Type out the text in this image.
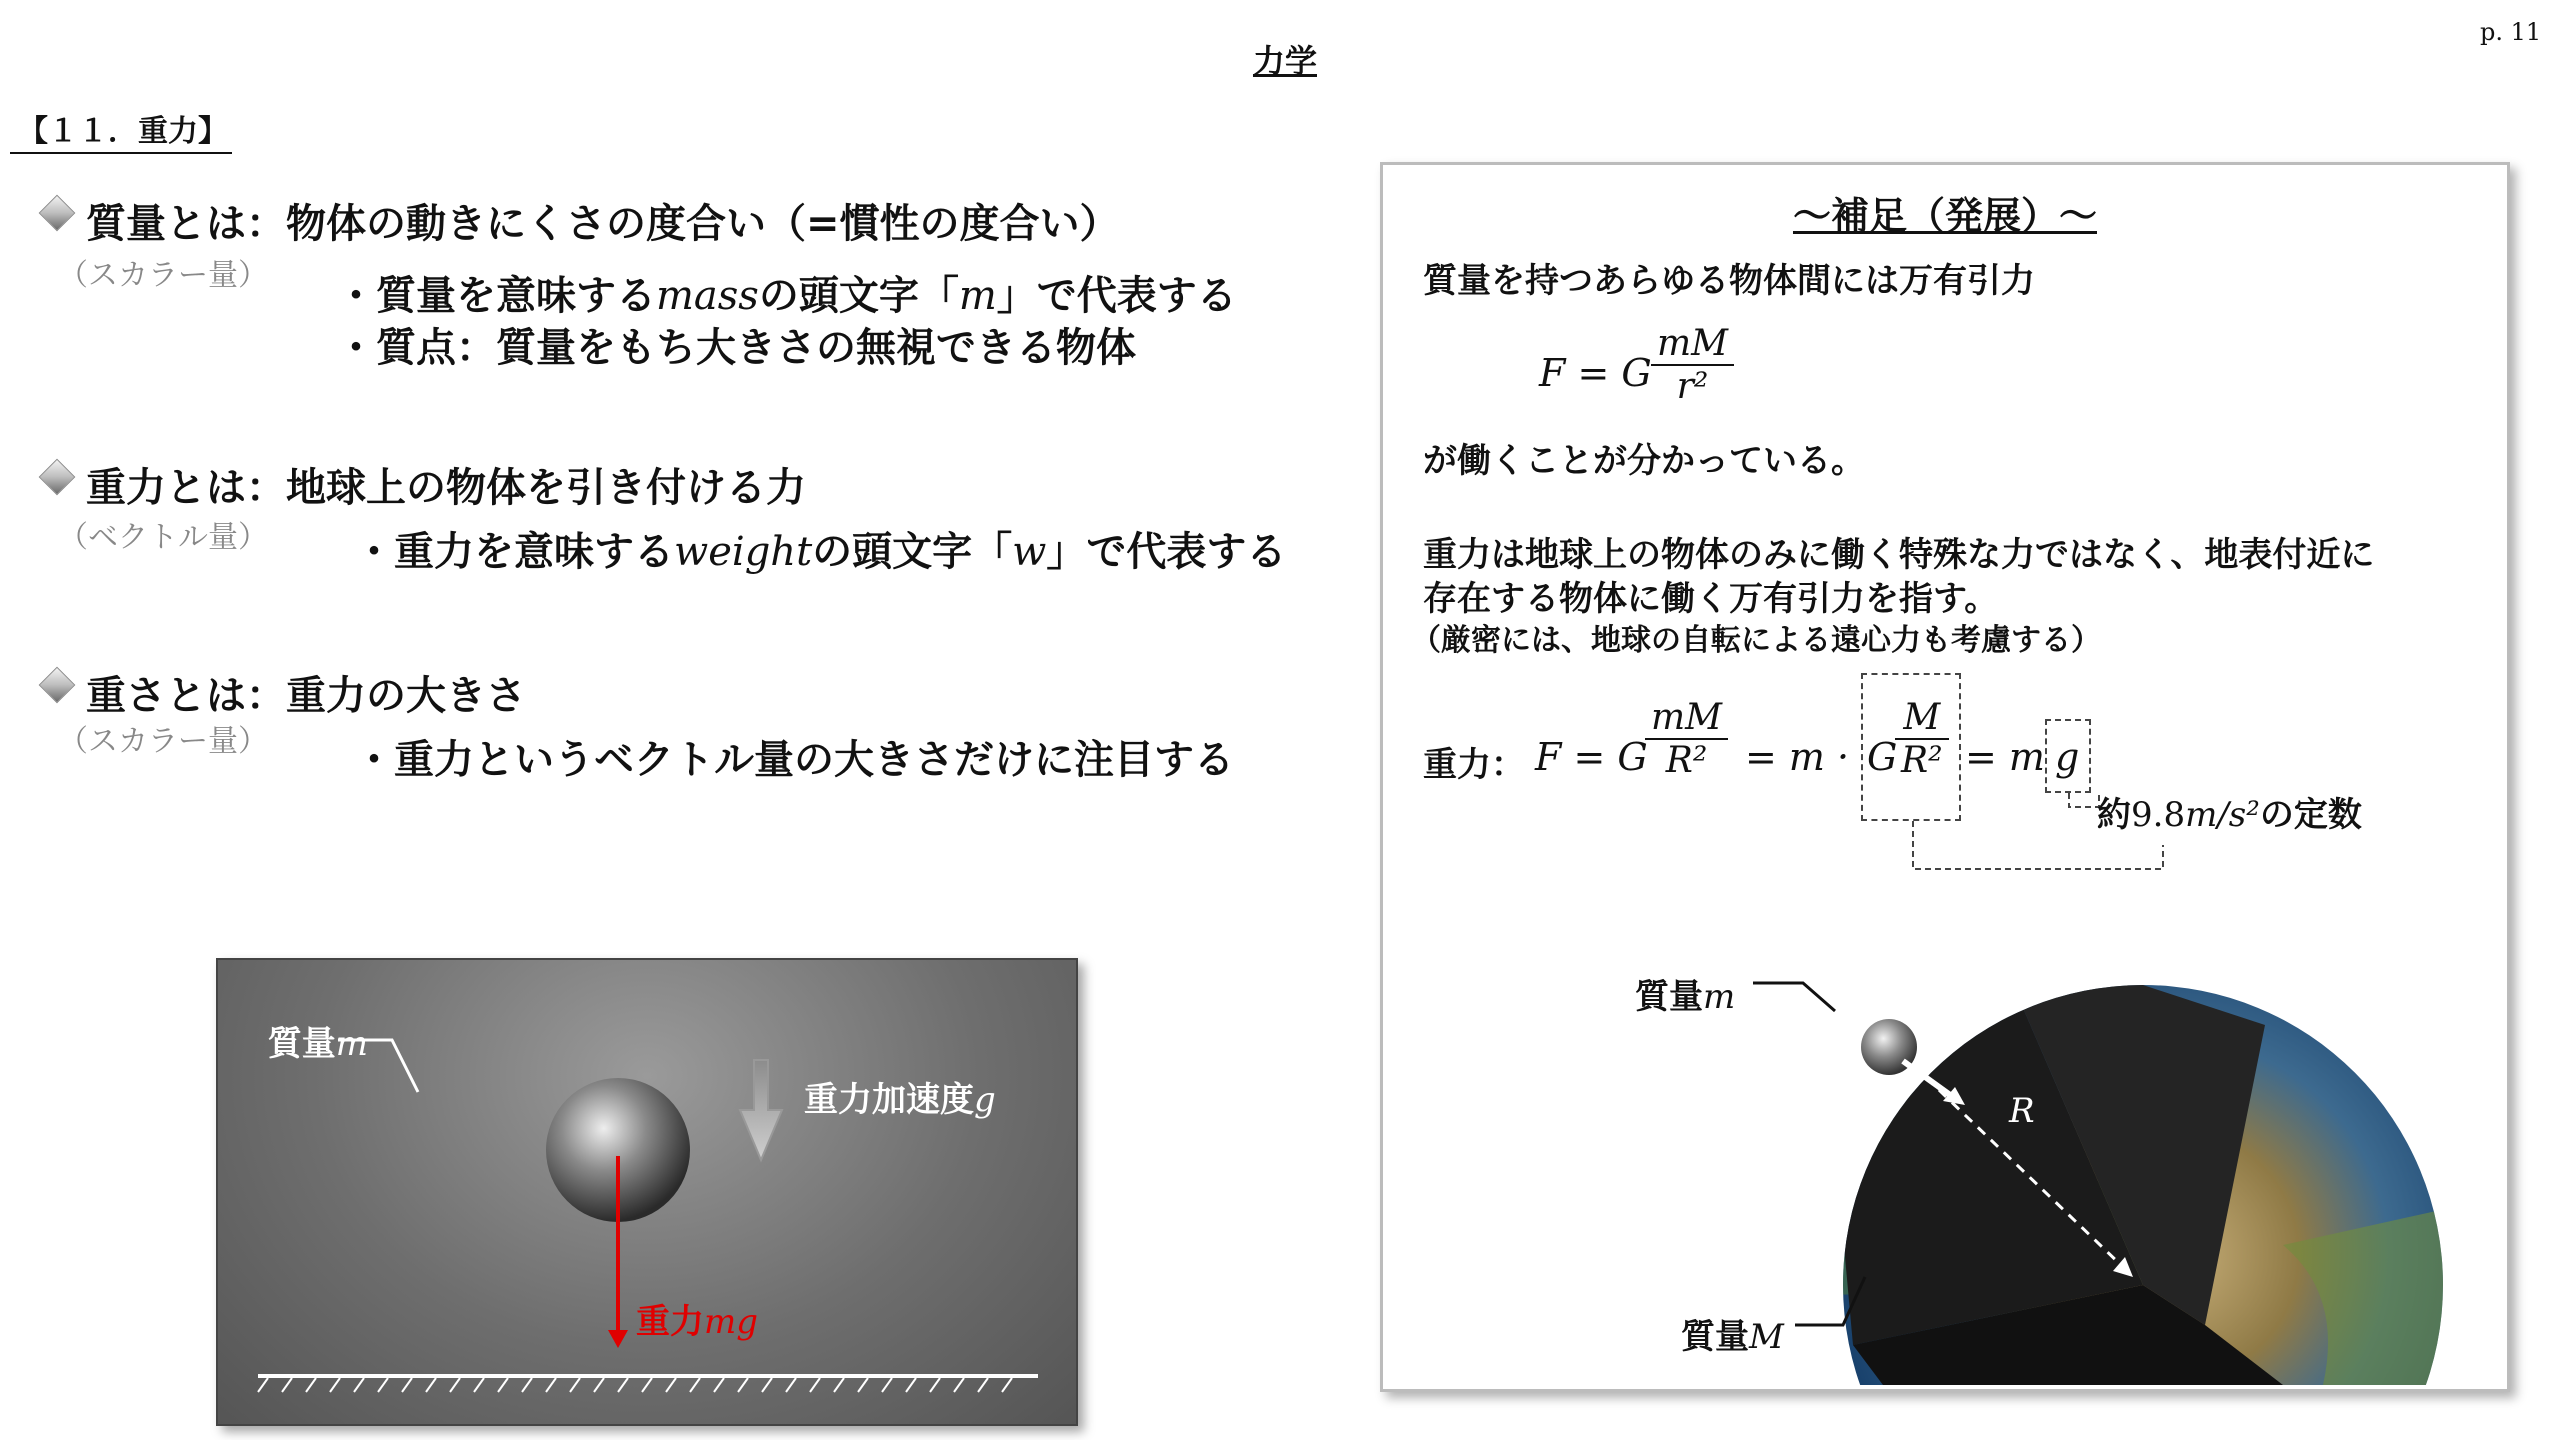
力学
p. 11
【１１．重力】
質量とは：物体の動きにくさの度合い（=慣性の度合い）
（スカラー量） ・質量を意味するmassの頭文字「m」で代表する
・質点：質量をもち大きさの無視できる物体
重力とは：地球上の物体を引き付ける力
（ベクトル量） ・重力を意味するweightの頭文字「w」で代表する
重さとは：重力の大きさ
（スカラー量） ・重力というベクトル量の大きさだけに注目する
質量m
重力加速度g
重力mg
～補足（発展）～
質量を持つあらゆる物体間には万有引力
F = G $\frac{mM}{\text{r²}}$
が働くことが分かっている。
重力は地球上の物体のみに働く特殊な力ではなく、地表付近に
存在する物体に働く万有引力を指す。
（厳密には、地球の自転による遠心力も考慮する）
重力： F = G
$\frac{mM}{\text{R²}} = m \cdot G$
$\frac{M}{\text{R²}} = m$ g
約9.8m/s²の定数
質量m
F
R
質量M
